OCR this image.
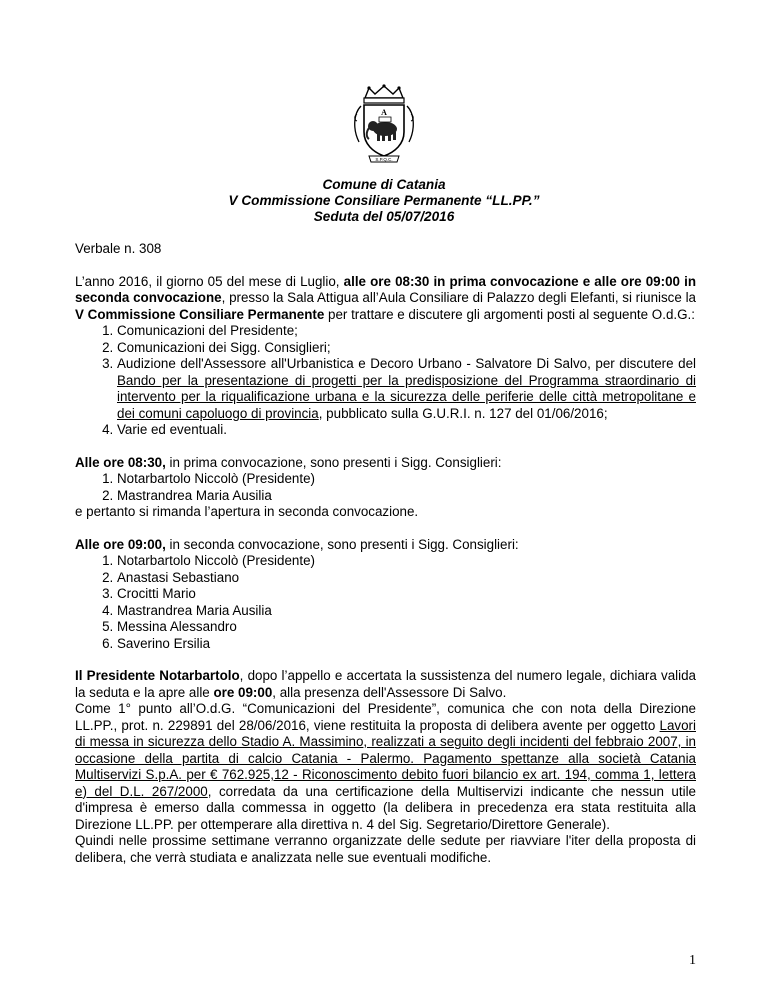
A
S.P.Q.C.
Comune di Catania
V Commissione Consiliare Permanente “LL.PP.”
Seduta del 05/07/2016

Verbale n. 308

L’anno 2016, il giorno 05 del mese di Luglio, alle ore 08:30 in prima convocazione e alle ore 09:00 in seconda convocazione, presso la Sala Attigua all’Aula Consiliare di Palazzo degli Elefanti, si riunisce la V Commissione Consiliare Permanente per trattare e discutere gli argomenti posti al seguente O.d.G.:

1. Comunicazioni del Presidente;
2. Comunicazioni dei Sigg. Consiglieri;
3. Audizione dell'Assessore all'Urbanistica e Decoro Urbano - Salvatore Di Salvo, per discutere del Bando per la presentazione di progetti per la predisposizione del Programma straordinario di intervento per la riqualificazione urbana e la sicurezza delle periferie delle città metropolitane e dei comuni capoluogo di provincia, pubblicato sulla G.U.R.I. n. 127 del 01/06/2016;
4. Varie ed eventuali.

Alle ore 08:30, in prima convocazione, sono presenti i Sigg. Consiglieri:

1. Notarbartolo Niccolò (Presidente)
2. Mastrandrea Maria Ausilia

e pertanto si rimanda l’apertura in seconda convocazione.

Alle ore 09:00, in seconda convocazione, sono presenti i Sigg. Consiglieri:

1. Notarbartolo Niccolò (Presidente)
2. Anastasi Sebastiano
3. Crocitti Mario
4. Mastrandrea Maria Ausilia
5. Messina Alessandro
6. Saverino Ersilia

Il Presidente Notarbartolo, dopo l’appello e accertata la sussistenza del numero legale, dichiara valida la seduta e la apre alle ore 09:00, alla presenza dell'Assessore Di Salvo.

Come 1° punto all’O.d.G. “Comunicazioni del Presidente”, comunica che con nota della Direzione LL.PP., prot. n. 229891 del 28/06/2016, viene restituita la proposta di delibera avente per oggetto Lavori di messa in sicurezza dello Stadio A. Massimino, realizzati a seguito degli incidenti del febbraio 2007, in occasione della partita di calcio Catania - Palermo. Pagamento spettanze alla società Catania Multiservizi S.p.A. per € 762.925,12 - Riconoscimento debito fuori bilancio ex art. 194, comma 1, lettera e) del D.L. 267/2000, corredata da una certificazione della Multiservizi indicante che nessun utile d'impresa è emerso dalla commessa in oggetto (la delibera in precedenza era stata restituita alla Direzione LL.PP. per ottemperare alla direttiva n. 4 del Sig. Segretario/Direttore Generale).

Quindi nelle prossime settimane verranno organizzate delle sedute per riavviare l'iter della proposta di delibera, che verrà studiata e analizzata nelle sue eventuali modifiche.

1
